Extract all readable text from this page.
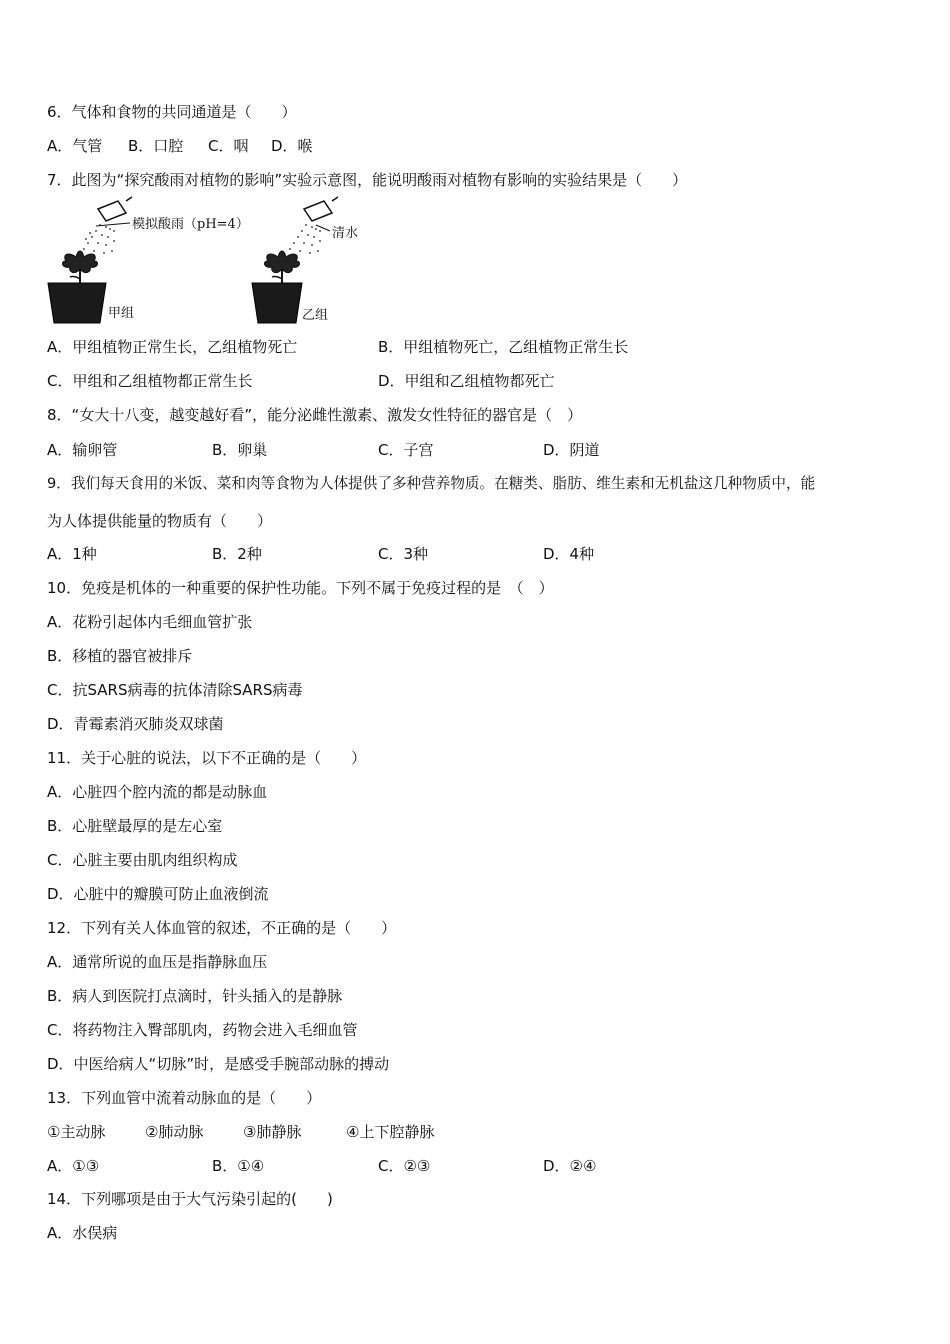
6．气体和食物的共同通道是（　　）
A．气管 B．口腔 C．咽 D．喉
7．此图为“探究酸雨对植物的影响”实验示意图，能说明酸雨对植物有影响的实验结果是（　　）
模拟酸雨（pH=4）
甲组
清水
乙组
A．甲组植物正常生长，乙组植物死亡	B．甲组植物死亡，乙组植物正常生长
C．甲组和乙组植物都正常生长	D．甲组和乙组植物都死亡
8．“女大十八变，越变越好看”，能分泌雌性激素、激发女性特征的器官是（　）
A．输卵管	B．卵巢	C．子宫	D．阴道
9．我们每天食用的米饭、菜和肉等食物为人体提供了多种营养物质。在糖类、脂肪、维生素和无机盐这几种物质中，能
为人体提供能量的物质有（　　）
A．1种	B．2种	C．3种	D．4种
10．免疫是机体的一种重要的保护性功能。下列不属于免疫过程的是　（　）
A．花粉引起体内毛细血管扩张
B．移植的器官被排斥
C．抗SARS病毒的抗体清除SARS病毒
D．青霉素消灭肺炎双球菌
11．关于心脏的说法，以下不正确的是（　　）
A．心脏四个腔内流的都是动脉血
B．心脏壁最厚的是左心室
C．心脏主要由肌肉组织构成
D．心脏中的瓣膜可防止血液倒流
12．下列有关人体血管的叙述，不正确的是（　　）
A．通常所说的血压是指静脉血压
B．病人到医院打点滴时，针头插入的是静脉
C．将药物注入臀部肌肉，药物会进入毛细血管
D．中医给病人“切脉”时，是感受手腕部动脉的搏动
13．下列血管中流着动脉血的是（　　）
①主动脉	②肺动脉	③肺静脉	④上下腔静脉
A．①③	B．①④	C．②③	D．②④
14．下列哪项是由于大气污染引起的(　　)
A．水俣病
